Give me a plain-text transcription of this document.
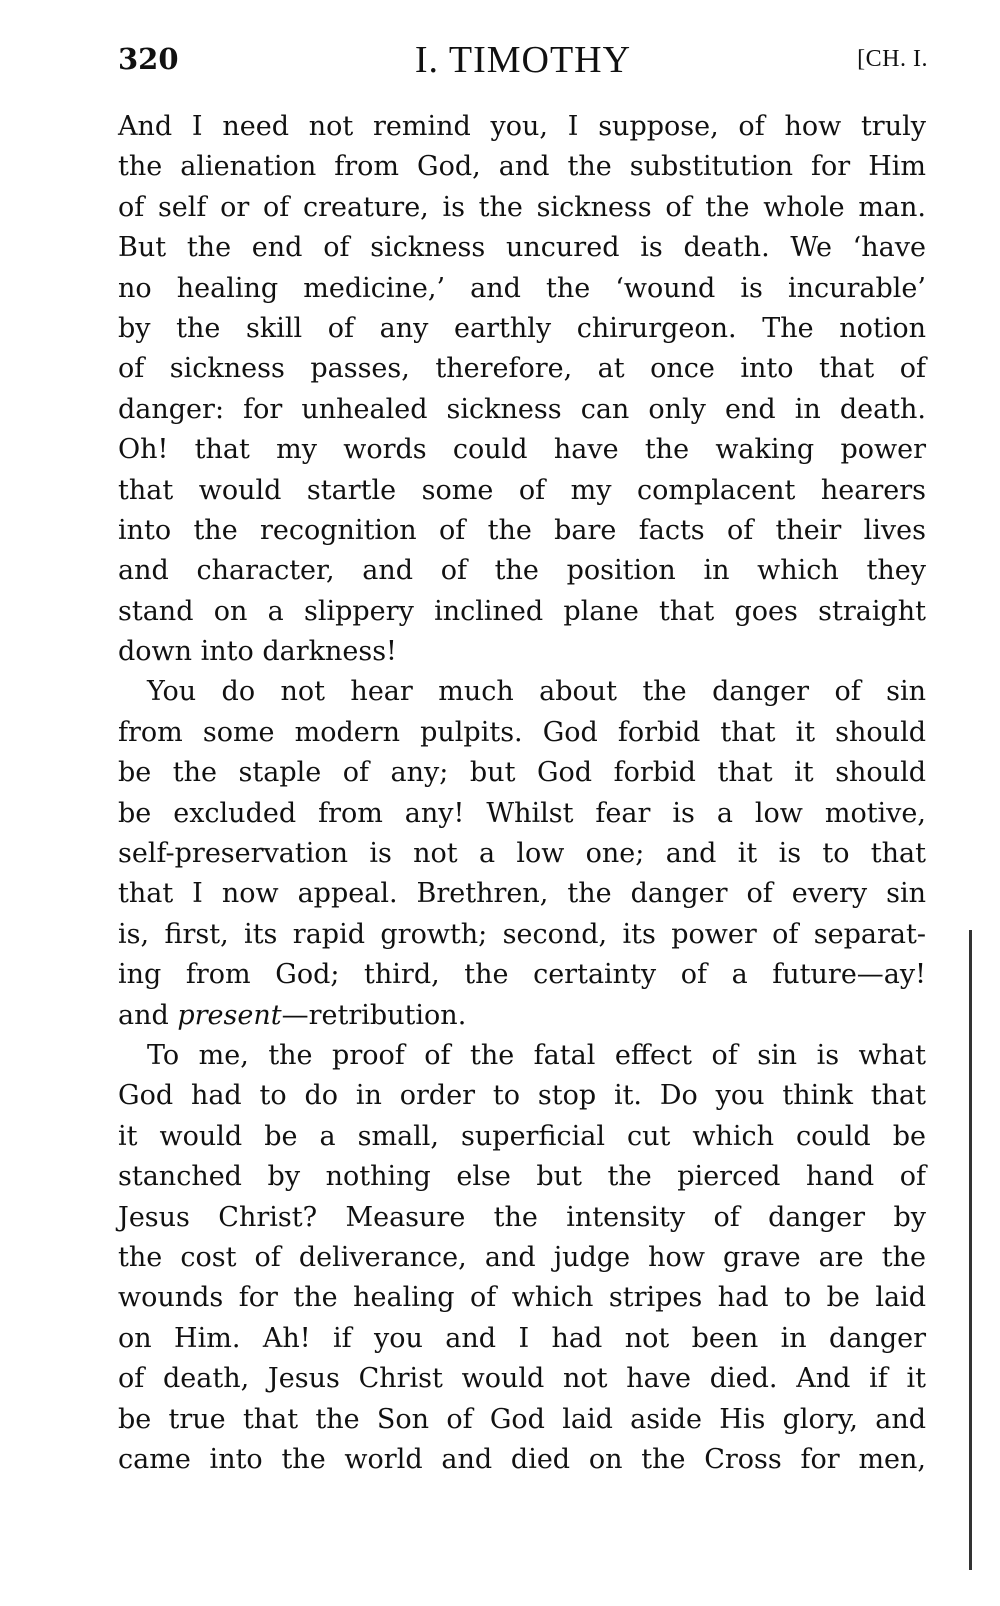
320	I. TIMOTHY	[CH. I.
And I need not remind you, I suppose, of how truly
the alienation from God, and the substitution for Him
of self or of creature, is the sickness of the whole man.
But the end of sickness uncured is death. We ‘have
no healing medicine,’ and the ‘wound is incurable’
by the skill of any earthly chirurgeon. The notion
of sickness passes, therefore, at once into that of
danger: for unhealed sickness can only end in death.
Oh! that my words could have the waking power
that would startle some of my complacent hearers
into the recognition of the bare facts of their lives
and character, and of the position in which they
stand on a slippery inclined plane that goes straight
down into darkness!
You do not hear much about the danger of sin
from some modern pulpits. God forbid that it should
be the staple of any; but God forbid that it should
be excluded from any! Whilst fear is a low motive,
self-preservation is not a low one; and it is to that
that I now appeal. Brethren, the danger of every sin
is, first, its rapid growth; second, its power of separat-
ing from God; third, the certainty of a future—ay!
and present—retribution.
To me, the proof of the fatal effect of sin is what
God had to do in order to stop it. Do you think that
it would be a small, superficial cut which could be
stanched by nothing else but the pierced hand of
Jesus Christ? Measure the intensity of danger by
the cost of deliverance, and judge how grave are the
wounds for the healing of which stripes had to be laid
on Him. Ah! if you and I had not been in danger
of death, Jesus Christ would not have died. And if it
be true that the Son of God laid aside His glory, and
came into the world and died on the Cross for men,
